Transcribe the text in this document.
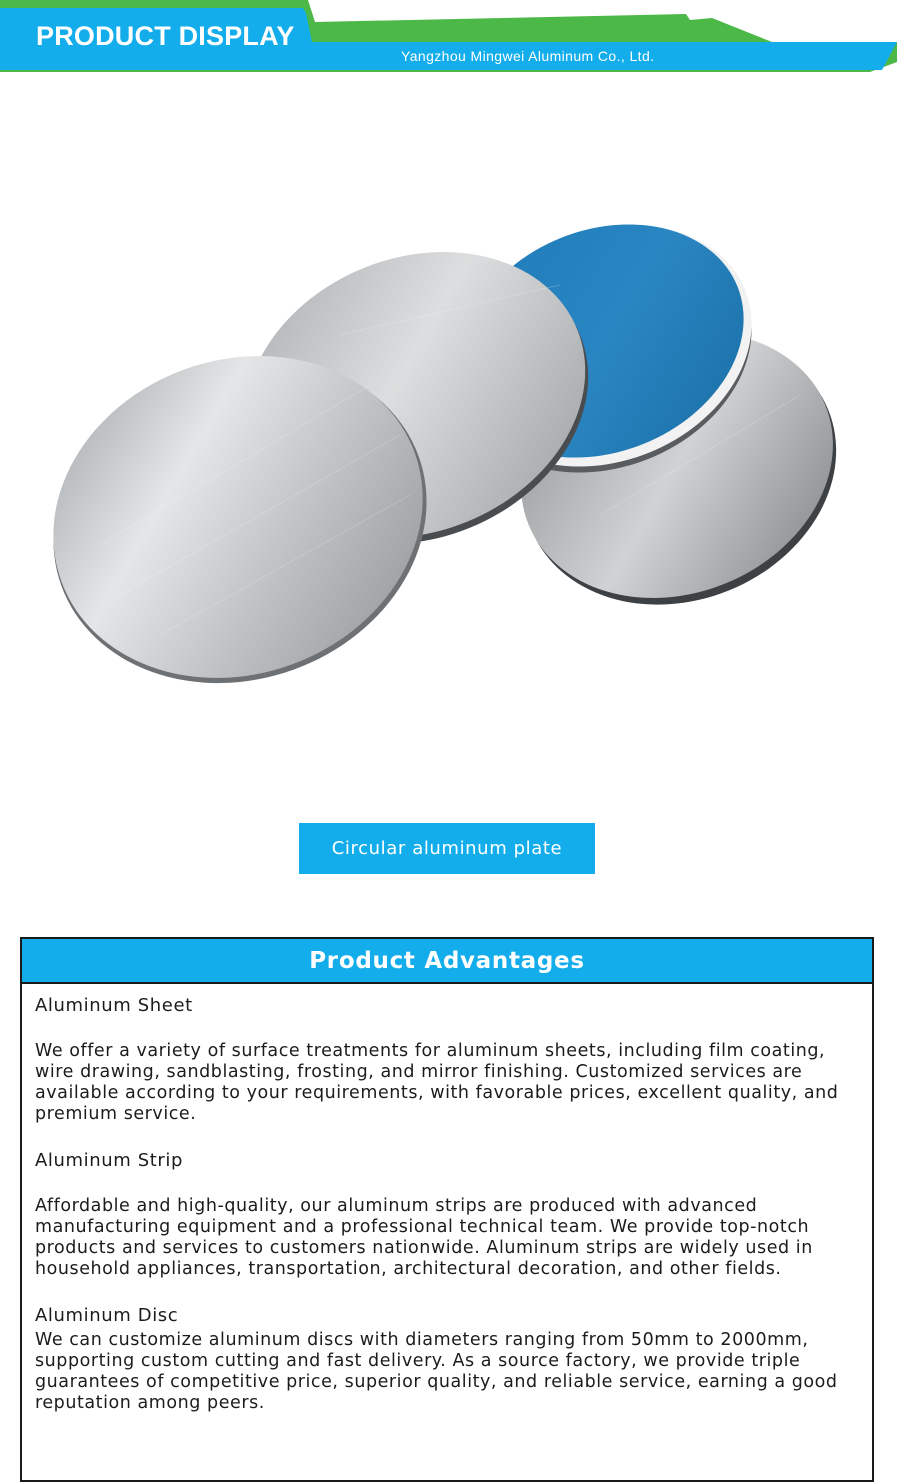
PRODUCT DISPLAY
Yangzhou Mingwei Aluminum Co., Ltd.
Circular aluminum plate
Product Advantages

Aluminum Sheet

We offer a variety of surface treatments for aluminum sheets, including film coating, wire drawing, sandblasting, frosting, and mirror finishing. Customized services are available according to your requirements, with favorable prices, excellent quality, and premium service.

Aluminum Strip

Affordable and high-quality, our aluminum strips are produced with advanced manufacturing equipment and a professional technical team. We provide top-notch products and services to customers nationwide. Aluminum strips are widely used in household appliances, transportation, architectural decoration, and other fields.

Aluminum Disc

We can customize aluminum discs with diameters ranging from 50mm to 2000mm, supporting custom cutting and fast delivery. As a source factory, we provide triple guarantees of competitive price, superior quality, and reliable service, earning a good reputation among peers.
